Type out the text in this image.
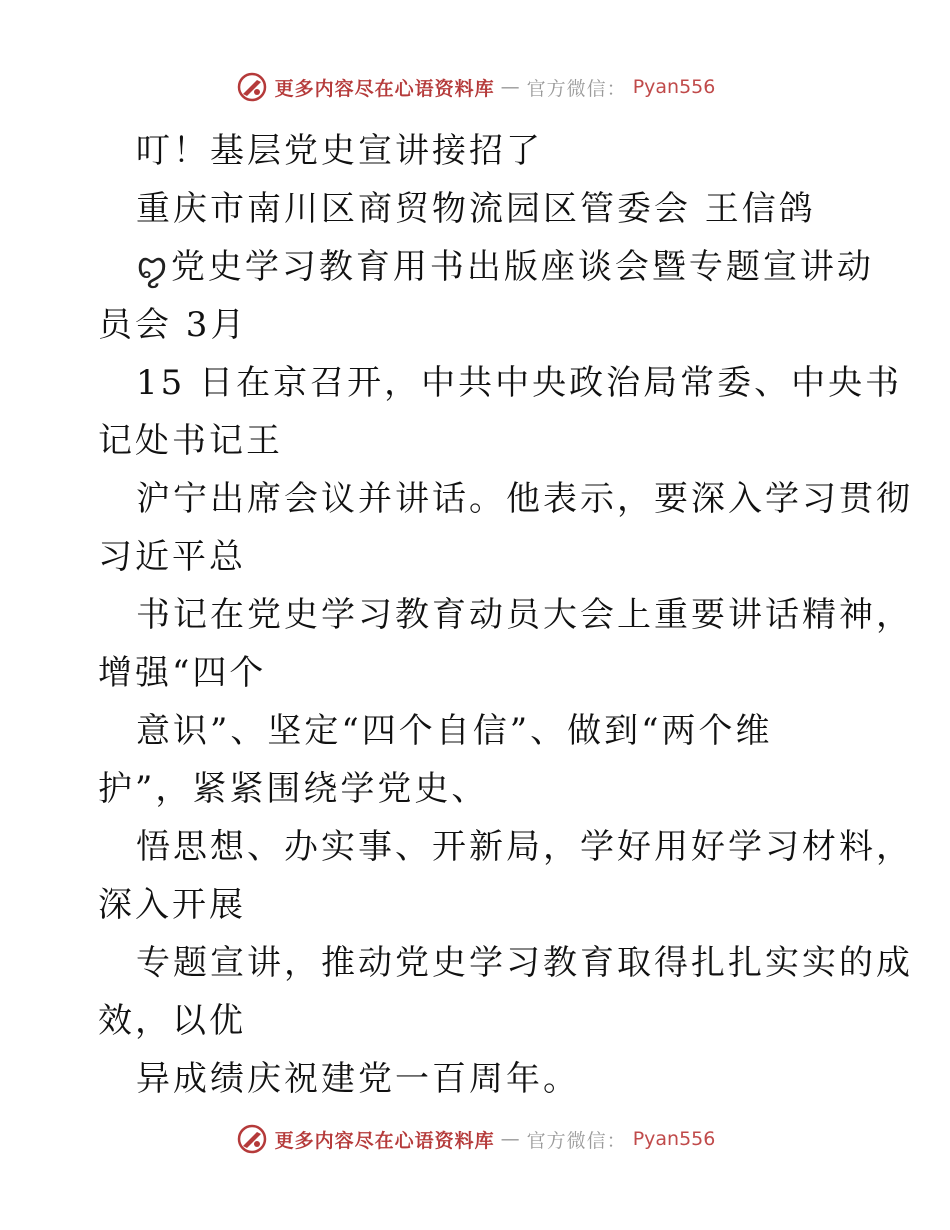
更多内容尽在心语资料库 — 官方微信： Pyan556
叮！基层党史宣讲接招了
重庆市南川区商贸物流园区管委会 王信鸽
ꨄ党史学习教育用书出版座谈会暨专题宣讲动
员会 3月
15 日在京召开，中共中央政治局常委、中央书
记处书记王
沪宁出席会议并讲话。他表示，要深入学习贯彻
习近平总
书记在党史学习教育动员大会上重要讲话精神，
增强“四个
意识”、坚定“四个自信”、做到“两个维
护”，紧紧围绕学党史、
悟思想、办实事、开新局，学好用好学习材料，
深入开展
专题宣讲，推动党史学习教育取得扎扎实实的成
效，以优
异成绩庆祝建党一百周年。
更多内容尽在心语资料库 — 官方微信： Pyan556
